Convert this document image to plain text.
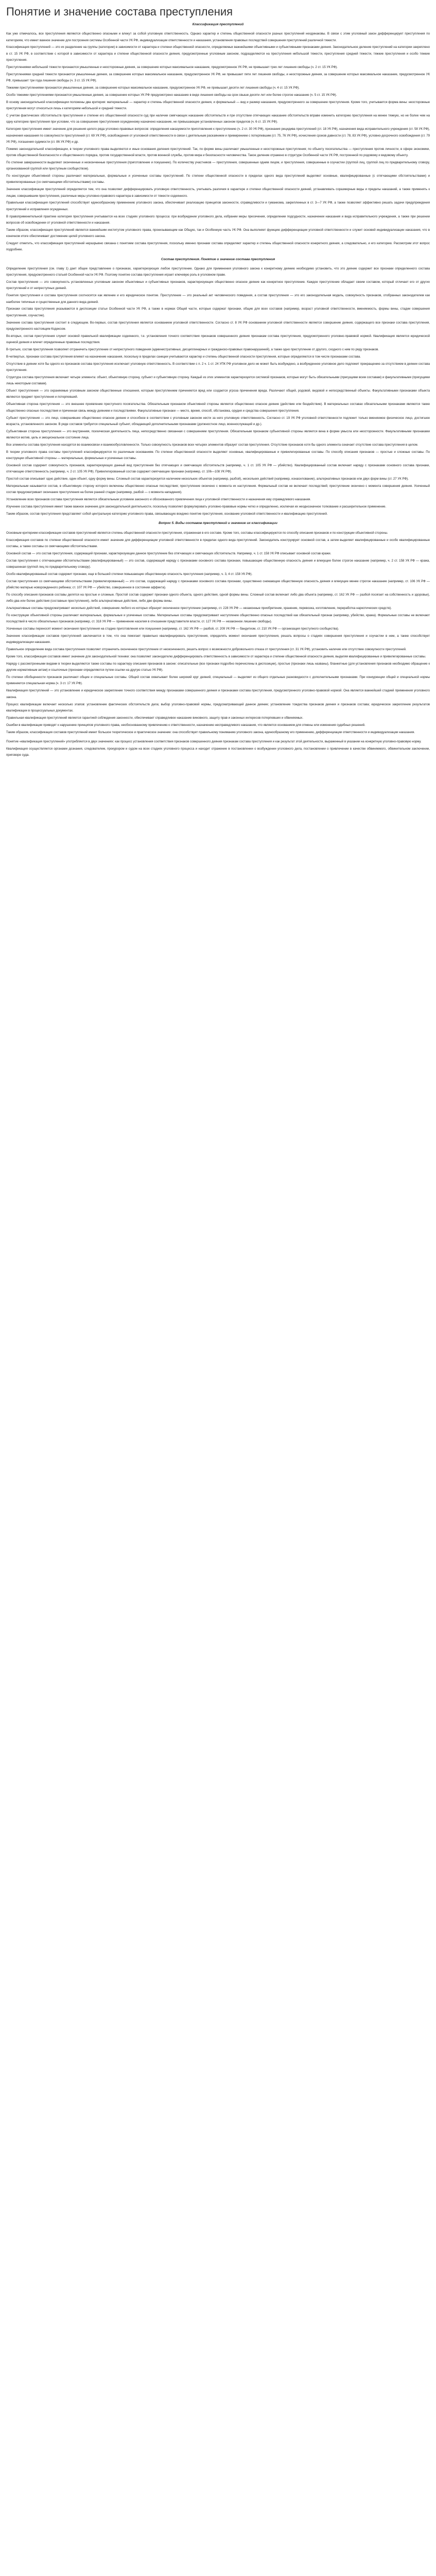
Понятие и значение состава преступления
Классификация преступлений

Как уже отмечалось, все преступления являются общественно опасными и влекут за собой уголовную ответственность. Однако характер и степень общественной опасности разных преступлений неодинаковы. В связи с этим уголовный закон дифференцирует преступления по категориям, что имеет важное значение для построения системы Особенной части УК РФ, индивидуализации ответственности и наказания, установления правовых последствий совершения преступлений различной тяжести.

Классификация преступлений — это их разделение на группы (категории) в зависимости от характера и степени общественной опасности, определяемых важнейшими объективными и субъективными признаками деяния. Законодательное деление преступлений на категории закреплено в ст. 15 УК РФ, в соответствии с которой в зависимости от характера и степени общественной опасности деяния, предусмотренные уголовным законом, подразделяются на преступления небольшой тяжести, преступления средней тяжести, тяжкие преступления и особо тяжкие преступления.

Преступлениями небольшой тяжести признаются умышленные и неосторожные деяния, за совершение которых максимальное наказание, предусмотренное УК РФ, не превышает трех лет лишения свободы (ч. 2 ст. 15 УК РФ).

Преступлениями средней тяжести признаются умышленные деяния, за совершение которых максимальное наказание, предусмотренное УК РФ, не превышает пяти лет лишения свободы, и неосторожные деяния, за совершение которых максимальное наказание, предусмотренное УК РФ, превышает три года лишения свободы (ч. 3 ст. 15 УК РФ).

Тяжкими преступлениями признаются умышленные деяния, за совершение которых максимальное наказание, предусмотренное УК РФ, не превышает десяти лет лишения свободы (ч. 4 ст. 15 УК РФ).

Особо тяжкими преступлениями признаются умышленные деяния, за совершение которых УК РФ предусмотрено наказание в виде лишения свободы на срок свыше десяти лет или более строгое наказание (ч. 5 ст. 15 УК РФ).

В основу законодательной классификации положены два критерия: материальный — характер и степень общественной опасности деяния, и формальный — вид и размер наказания, предусмотренного за совершение преступления. Кроме того, учитывается форма вины: неосторожные преступления могут относиться лишь к категориям небольшой и средней тяжести.

С учетом фактических обстоятельств преступления и степени его общественной опасности суд при наличии смягчающих наказание обстоятельств и при отсутствии отягчающих наказание обстоятельств вправе изменить категорию преступления на менее тяжкую, но не более чем на одну категорию преступления при условии, что за совершение преступления осужденному назначено наказание, не превышающее установленных законом пределов (ч. 6 ст. 15 УК РФ).

Категория преступления имеет значение для решения целого ряда уголовно-правовых вопросов: определения наказуемости приготовления к преступлению (ч. 2 ст. 30 УК РФ), признания рецидива преступлений (ст. 18 УК РФ), назначения вида исправительного учреждения (ст. 58 УК РФ), назначения наказания по совокупности преступлений (ст. 69 УК РФ), освобождения от уголовной ответственности в связи с деятельным раскаянием и примирением с потерпевшим (ст. 75, 76 УК РФ), исчисления сроков давности (ст. 78, 83 УК РФ), условно-досрочного освобождения (ст. 79 УК РФ), погашения судимости (ст. 86 УК РФ) и др.

Помимо законодательной классификации, в теории уголовного права выделяются и иные основания деления преступлений. Так, по форме вины различают умышленные и неосторожные преступления; по объекту посягательства — преступления против личности, в сфере экономики, против общественной безопасности и общественного порядка, против государственной власти, против военной службы, против мира и безопасности человечества. Такое деление отражено в структуре Особенной части УК РФ, построенной по родовому и видовому объекту.

По степени завершенности выделяют оконченные и неоконченные преступления (приготовление и покушение). По количеству участников — преступления, совершенные одним лицом, и преступления, совершенные в соучастии (группой лиц, группой лиц по предварительному сговору, организованной группой или преступным сообществом).

По конструкции объективной стороны различают материальные, формальные и усеченные составы преступлений. По степени общественной опасности в пределах одного вида преступлений выделяют основные, квалифицированные (с отягчающими обстоятельствами) и привилегированные (со смягчающими обстоятельствами) составы.

Значение классификации преступлений определяется тем, что она позволяет дифференцировать уголовную ответственность, учитывать различия в характере и степени общественной опасности деяний, устанавливать соразмерные виды и пределы наказаний, а также применять к лицам, совершившим преступления, различные меры уголовно-правового характера в зависимости от тяжести содеянного.

Правильная классификация преступлений способствует единообразному применению уголовного закона, обеспечивает реализацию принципов законности, справедливости и гуманизма, закрепленных в ст. 3—7 УК РФ, а также позволяет эффективно решать задачи предупреждения преступлений и исправления осужденных.

В правоприменительной практике категория преступления учитывается на всех стадиях уголовного процесса: при возбуждении уголовного дела, избрании меры пресечения, определении подсудности, назначении наказания и вида исправительного учреждения, а также при решении вопросов об освобождении от уголовной ответственности и наказания.

Таким образом, классификация преступлений является важнейшим институтом уголовного права, пронизывающим как Общую, так и Особенную часть УК РФ. Она выполняет функцию дифференциации уголовной ответственности и служит основой индивидуализации наказания, что в конечном итоге обеспечивает достижение целей уголовного закона.

Следует отметить, что классификация преступлений неразрывно связана с понятием состава преступления, поскольку именно признаки состава определяют характер и степень общественной опасности конкретного деяния, а следовательно, и его категорию. Рассмотрим этот вопрос подробнее.

Состав преступления. Понятие и значение состава преступления

Определение преступления (см. главу 1) дает общее представление о признаках, характеризующих любое преступление. Однако для применения уголовного закона к конкретному деянию необходимо установить, что это деяние содержит все признаки определенного состава преступления, предусмотренного статьей Особенной части УК РФ. Поэтому понятие состава преступления играет ключевую роль в уголовном праве.

Состав преступления — это совокупность установленных уголовным законом объективных и субъективных признаков, характеризующих общественно опасное деяние как конкретное преступление. Каждое преступление обладает своим составом, который отличает его от других преступлений и от непреступных деяний.

Понятия преступления и состава преступления соотносятся как явление и его юридическое понятие. Преступление — это реальный акт человеческого поведения, а состав преступления — это его законодательная модель, совокупность признаков, отобранных законодателем как наиболее типичные и существенные для данного вида деяний.

Признаки состава преступления указываются в диспозиции статьи Особенной части УК РФ, а также в нормах Общей части, которые содержат признаки, общие для всех составов (например, возраст уголовной ответственности, вменяемость, формы вины, стадии совершения преступления, соучастие).

Значение состава преступления состоит в следующем. Во-первых, состав преступления является основанием уголовной ответственности. Согласно ст. 8 УК РФ основанием уголовной ответственности является совершение деяния, содержащего все признаки состава преступления, предусмотренного настоящим Кодексом.

Во-вторых, состав преступления служит основой правильной квалификации содеянного, т.е. установления точного соответствия признаков совершенного деяния признакам состава преступления, предусмотренного уголовно-правовой нормой. Квалификация является юридической оценкой деяния и влечет определенные правовые последствия.

В-третьих, состав преступления позволяет отграничить преступление от непреступного поведения (административных, дисциплинарных и гражданско-правовых правонарушений), а также одно преступление от другого, сходного с ним по ряду признаков.

В-четвертых, признаки состава преступления влияют на назначение наказания, поскольку в пределах санкции учитываются характер и степень общественной опасности преступления, которые определяются в том числе признаками состава.

Отсутствие в деянии хотя бы одного из признаков состава преступления исключает уголовную ответственность. В соответствии с п. 2 ч. 1 ст. 24 УПК РФ уголовное дело не может быть возбуждено, а возбужденное уголовное дело подлежит прекращению за отсутствием в деянии состава преступления.

Структура состава преступления включает четыре элемента: объект, объективную сторону, субъект и субъективную сторону. Каждый из этих элементов характеризуется системой признаков, которые могут быть обязательными (присущими всем составам) и факультативными (присущими лишь некоторым составам).

Объект преступления — это охраняемые уголовным законом общественные отношения, которым преступлением причиняется вред или создается угроза причинения вреда. Различают общий, родовой, видовой и непосредственный объекты. Факультативными признаками объекта являются предмет преступления и потерпевший.

Объективная сторона преступления — это внешнее проявление преступного посягательства. Обязательным признаком объективной стороны является общественно опасное деяние (действие или бездействие). В материальных составах обязательными признаками являются также общественно опасные последствия и причинная связь между деянием и последствиями. Факультативные признаки — место, время, способ, обстановка, орудия и средства совершения преступления.

Субъект преступления — это лицо, совершившее общественно опасное деяние и способное в соответствии с уголовным законом нести за него уголовную ответственность. Согласно ст. 19 УК РФ уголовной ответственности подлежит только вменяемое физическое лицо, достигшее возраста, установленного законом. В ряде составов требуется специальный субъект, обладающий дополнительными признаками (должностное лицо, военнослужащий и др.).

Субъективная сторона преступления — это внутренняя, психическая деятельность лица, непосредственно связанная с совершением преступления. Обязательным признаком субъективной стороны является вина в форме умысла или неосторожности. Факультативными признаками являются мотив, цель и эмоциональное состояние лица.

Все элементы состава преступления находятся во взаимосвязи и взаимообусловленности. Только совокупность признаков всех четырех элементов образует состав преступления. Отсутствие признаков хотя бы одного элемента означает отсутствие состава преступления в целом.

В теории уголовного права составы преступлений классифицируются по различным основаниям. По степени общественной опасности выделяют основные, квалифицированные и привилегированные составы. По способу описания признаков — простые и сложные составы. По конструкции объективной стороны — материальные, формальные и усеченные составы.

Основной состав содержит совокупность признаков, характеризующих данный вид преступления без отягчающих и смягчающих обстоятельств (например, ч. 1 ст. 105 УК РФ — убийство). Квалифицированный состав включает наряду с признаками основного состава признаки, отягчающие ответственность (например, ч. 2 ст. 105 УК РФ). Привилегированный состав содержит смягчающие признаки (например, ст. 106—108 УК РФ).

Простой состав описывает одно действие, один объект, одну форму вины. Сложный состав характеризуется наличием нескольких объектов (например, разбой), нескольких действий (например, изнасилование), альтернативных признаков или двух форм вины (ст. 27 УК РФ).

Материальным называется состав, в объективную сторону которого включены общественно опасные последствия; преступление окончено с момента их наступления. Формальный состав не включает последствий; преступление окончено с момента совершения деяния. Усеченный состав предусматривает окончание преступления на более ранней стадии (например, разбой — с момента нападения).

Установление всех признаков состава преступления является обязательным условием законного и обоснованного привлечения лица к уголовной ответственности и назначения ему справедливого наказания.

Изучение состава преступления имеет также важное значение для законодательной деятельности, поскольку позволяет формулировать уголовно-правовые нормы четко и определенно, исключая их неоднозначное толкование и расширительное применение.

Таким образом, состав преступления представляет собой центральную категорию уголовного права, связывающую воедино понятие преступления, основание уголовной ответственности и квалификацию преступлений.

Вопрос 5. Виды составов преступлений и значение их классификации

Основным критерием классификации составов преступлений является степень общественной опасности преступления, отраженная в его составе. Кроме того, составы классифицируются по способу описания признаков и по конструкции объективной стороны.

Классификация составов по степени общественной опасности имеет значение для дифференциации уголовной ответственности в пределах одного вида преступлений. Законодатель конструирует основной состав, а затем выделяет квалифицированные и особо квалифицированные составы, а также составы со смягчающими обстоятельствами.

Основной состав — это состав преступления, содержащий признаки, характеризующие данное преступление без отягчающих и смягчающих обстоятельств. Например, ч. 1 ст. 158 УК РФ описывает основной состав кражи.

Состав преступления с отягчающими обстоятельствами (квалифицированный) — это состав, содержащий наряду с признаками основного состава признаки, повышающие общественную опасность деяния и влекущие более строгое наказание (например, ч. 2 ст. 158 УК РФ — кража, совершенная группой лиц по предварительному сговору).

Особо квалифицированный состав содержит признаки, еще в большей степени повышающие общественную опасность преступления (например, ч. 3, 4 ст. 158 УК РФ).

Состав преступления со смягчающими обстоятельствами (привилегированный) — это состав, содержащий наряду с признаками основного состава признаки, существенно снижающие общественную опасность деяния и влекущие менее строгое наказание (например, ст. 106 УК РФ — убийство матерью новорожденного ребенка; ст. 107 УК РФ — убийство, совершенное в состоянии аффекта).

По способу описания признаков составы делятся на простые и сложные. Простой состав содержит признаки одного объекта, одного действия, одной формы вины. Сложный состав включает либо два объекта (например, ст. 162 УК РФ — разбой посягает на собственность и здоровье), либо два или более действия (составные преступления), либо альтернативные действия, либо две формы вины.

Альтернативные составы предусматривают несколько действий, совершение любого из которых образует оконченное преступление (например, ст. 228 УК РФ — незаконные приобретение, хранение, перевозка, изготовление, переработка наркотических средств).

По конструкции объективной стороны различают материальные, формальные и усеченные составы. Материальные составы предусматривают наступление общественно опасных последствий как обязательный признак (например, убийство, кража). Формальные составы не включают последствий в число обязательных признаков (например, ст. 318 УК РФ — применение насилия в отношении представителя власти, ст. 127 УК РФ — незаконное лишение свободы).

Усеченные составы переносят момент окончания преступления на стадию приготовления или покушения (например, ст. 162 УК РФ — разбой, ст. 209 УК РФ — бандитизм, ст. 210 УК РФ — организация преступного сообщества).

Значение классификации составов преступлений заключается в том, что она помогает правильно квалифицировать преступления, определять момент окончания преступления, решать вопросы о стадиях совершения преступления и соучастии в нем, а также способствует индивидуализации наказания.

Правильное определение вида состава преступления позволяет отграничить оконченное преступление от неоконченного, решить вопрос о возможности добровольного отказа от преступления (ст. 31 УК РФ), установить наличие или отсутствие совокупности преступлений.

Кроме того, классификация составов имеет значение для законодательной техники: она позволяет законодателю дифференцировать ответственность в зависимости от характера и степени общественной опасности деяния, выделяя квалифицированные и привилегированные составы.

Наряду с рассмотренными видами в теории выделяются также составы по характеру описания признаков в законе: описательные (все признаки подробно перечислены в диспозиции), простые (признаки лишь названы), бланкетные (для установления признаков необходимо обращение к другим нормативным актам) и ссылочные (признаки определяются путем ссылки на другую статью УК РФ).

По степени обобщенности признаков различают общие и специальные составы. Общий состав охватывает более широкий круг деяний, специальный — выделяет из общего отдельные разновидности с дополнительными признаками. При конкуренции общей и специальной нормы применяется специальная норма (ч. 3 ст. 17 УК РФ).

Квалификация преступлений — это установление и юридическое закрепление точного соответствия между признаками совершенного деяния и признаками состава преступления, предусмотренного уголовно-правовой нормой. Она является важнейшей стадией применения уголовного закона.

Процесс квалификации включает несколько этапов: установление фактических обстоятельств дела; выбор уголовно-правовой нормы, предусматривающей данное деяние; установление тождества признаков деяния и признаков состава; юридическое закрепление результатов квалификации в процессуальных документах.

Правильная квалификация преступлений является гарантией соблюдения законности, обеспечивает справедливое наказание виновного, защиту прав и законных интересов потерпевших и обвиняемых.

Ошибки в квалификации приводят к нарушению принципов уголовного права, необоснованному привлечению к ответственности, назначению несправедливого наказания, что является основанием для отмены или изменения судебных решений.

Таким образом, классификация составов преступлений имеет большое теоретическое и практическое значение: она способствует правильному пониманию уголовного закона, единообразному его применению, дифференциации ответственности и индивидуализации наказания.

Понятие «квалификация преступлений» употребляется в двух значениях: как процесс установления соответствия признаков совершенного деяния признакам состава преступления и как результат этой деятельности, выраженный в указании на конкретную уголовно-правовую норму.
Квалификация осуществляется органами дознания, следователем, прокурором и судом на всех стадиях уголовного процесса и находит отражение в постановлении о возбуждении уголовного дела, постановлении о привлечении в качестве обвиняемого, обвинительном заключении, приговоре суда.
